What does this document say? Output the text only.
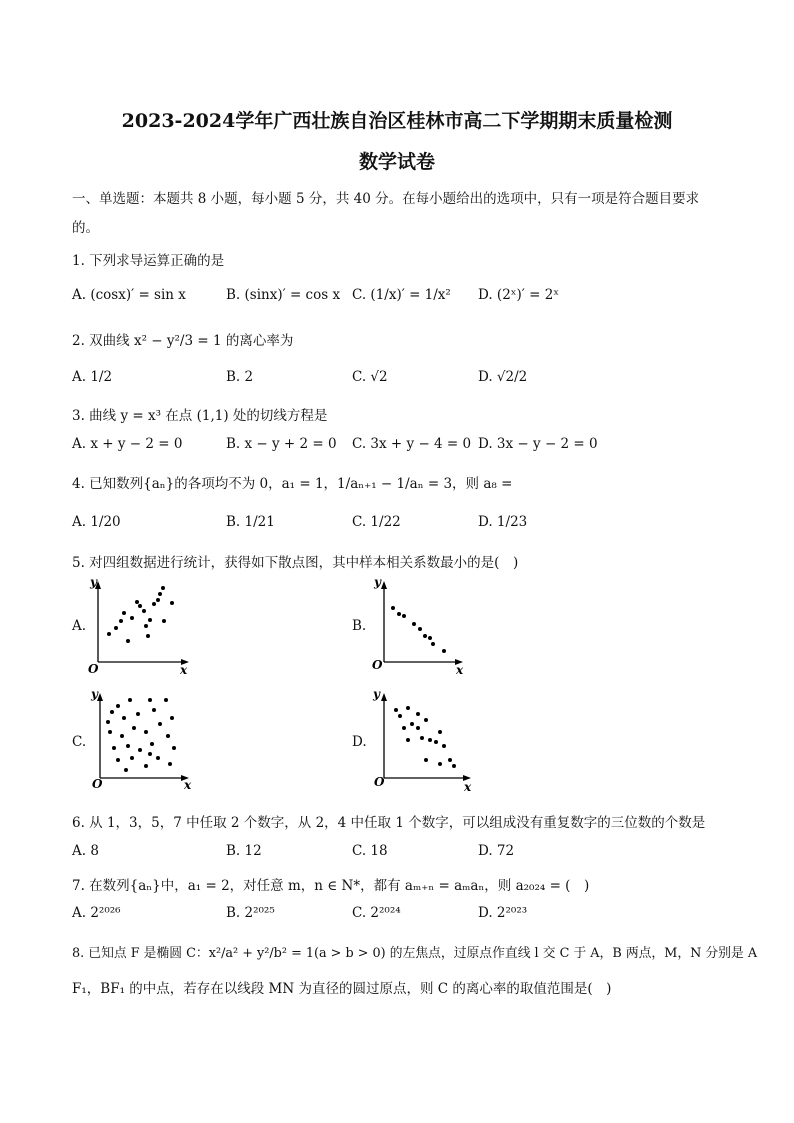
2023-2024学年广西壮族自治区桂林市高二下学期期末质量检测
数学试卷
一、单选题：本题共 8 小题，每小题 5 分，共 40 分。在每小题给出的选项中，只有一项是符合题目要求
的。
1. 下列求导运算正确的是
A. (cosx)′ = sin x	B. (sinx)′ = cos x C. (1/x)′ = 1/x² D. (2ˣ)′ = 2ˣ
2. 双曲线 x² − y²/3 = 1 的离心率为
A. 1/2	B. 2	C. √2	D. √2/2
3. 曲线 y = x³ 在点 (1,1) 处的切线方程是
A. x + y − 2 = 0	B. x − y + 2 = 0 C. 3x + y − 4 = 0 D. 3x − y − 2 = 0
4. 已知数列{aₙ}的各项均不为 0，a₁ = 1，1/aₙ₊₁ − 1/aₙ = 3，则 a₈ =
A. 1/20	B. 1/21	C. 1/22	D. 1/23
5. 对四组数据进行统计，获得如下散点图，其中样本相关系数最小的是(　)
A.	B.
C.	D.
y
O	x
y
O	x
y
O	x
y
O	x
6. 从 1，3，5，7 中任取 2 个数字，从 2，4 中任取 1 个数字，可以组成没有重复数字的三位数的个数是
A. 8	B. 12	C. 18	D. 72
7. 在数列{aₙ}中，a₁ = 2，对任意 m，n ∈ N*，都有 aₘ₊ₙ = aₘaₙ，则 a₂₀₂₄ = (　)
A. 2²⁰²⁶	B. 2²⁰²⁵	C. 2²⁰²⁴	D. 2²⁰²³
8. 已知点 F 是椭圆 C：x²/a² + y²/b² = 1(a > b > 0) 的左焦点，过原点作直线 l 交 C 于 A，B 两点，M，N 分别是 A
F₁，BF₁ 的中点，若存在以线段 MN 为直径的圆过原点，则 C 的离心率的取值范围是(　)
